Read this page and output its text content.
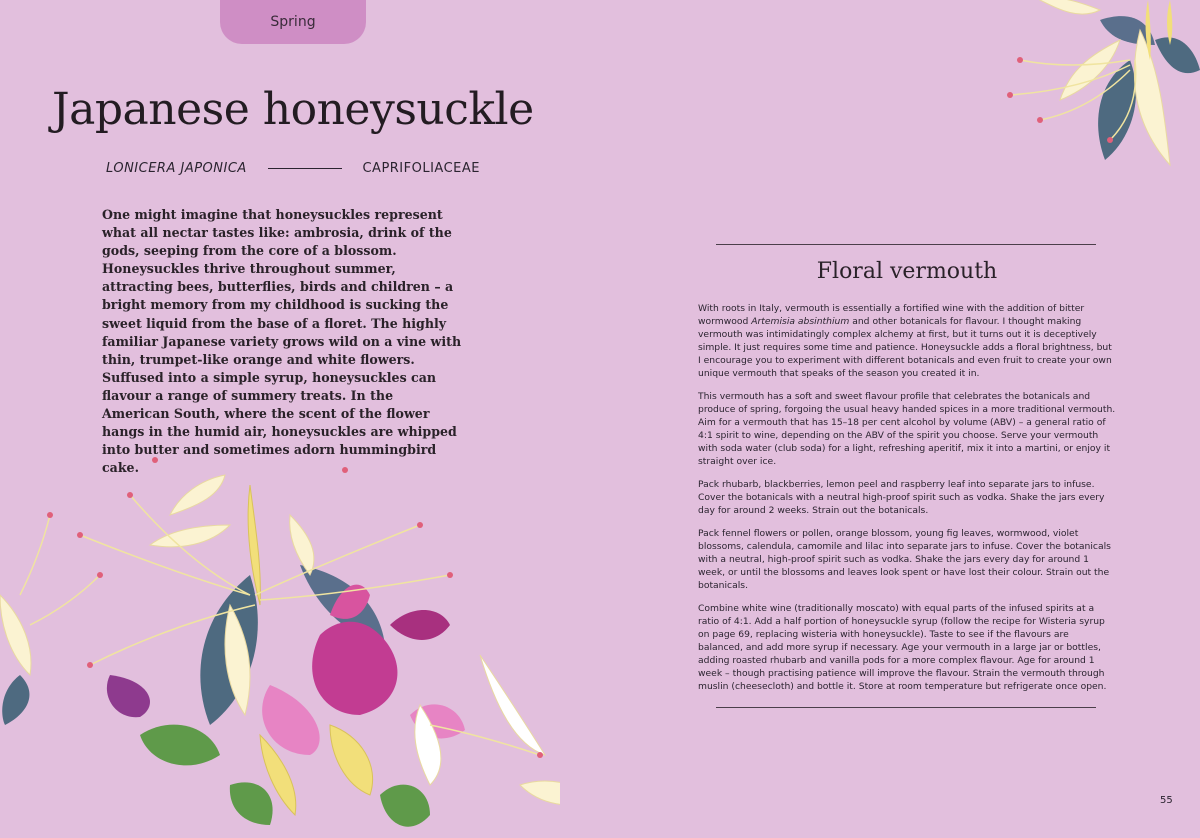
Spring
Japanese honeysuckle
LONICERA JAPONICA	CAPRIFOLIACEAE

One might imagine that honeysuckles represent what all nectar tastes like: ambrosia, drink of the gods, seeping from the core of a blossom. Honeysuckles thrive throughout summer, attracting bees, butterflies, birds and children – a bright memory from my childhood is sucking the sweet liquid from the base of a floret. The highly familiar Japanese variety grows wild on a vine with thin, trumpet-like orange and white flowers. Suffused into a simple syrup, honeysuckles can flavour a range of summery treats. In the American South, where the scent of the flower hangs in the humid air, honeysuckles are whipped into butter and sometimes adorn hummingbird cake.

Floral vermouth

With roots in Italy, vermouth is essentially a fortified wine with the addition of bitter wormwood Artemisia absinthium and other botanicals for flavour. I thought making vermouth was intimidatingly complex alchemy at first, but it turns out it is deceptively simple. It just requires some time and patience. Honeysuckle adds a floral brightness, but I encourage you to experiment with different botanicals and even fruit to create your own unique vermouth that speaks of the season you created it in.

This vermouth has a soft and sweet flavour profile that celebrates the botanicals and produce of spring, forgoing the usual heavy handed spices in a more traditional vermouth. Aim for a vermouth that has 15–18 per cent alcohol by volume (ABV) – a general ratio of 4:1 spirit to wine, depending on the ABV of the spirit you choose. Serve your vermouth with soda water (club soda) for a light, refreshing aperitif, mix it into a martini, or enjoy it straight over ice.

Pack rhubarb, blackberries, lemon peel and raspberry leaf into separate jars to infuse. Cover the botanicals with a neutral high-proof spirit such as vodka. Shake the jars every day for around 2 weeks. Strain out the botanicals.

Pack fennel flowers or pollen, orange blossom, young fig leaves, wormwood, violet blossoms, calendula, camomile and lilac into separate jars to infuse. Cover the botanicals with a neutral, high-proof spirit such as vodka. Shake the jars every day for around 1 week, or until the blossoms and leaves look spent or have lost their colour. Strain out the botanicals.

Combine white wine (traditionally moscato) with equal parts of the infused spirits at a ratio of 4:1. Add a half portion of honeysuckle syrup (follow the recipe for Wisteria syrup on page 69, replacing wisteria with honeysuckle). Taste to see if the flavours are balanced, and add more syrup if necessary. Age your vermouth in a large jar or bottles, adding roasted rhubarb and vanilla pods for a more complex flavour. Age for around 1 week – though practising patience will improve the flavour. Strain the vermouth through muslin (cheesecloth) and bottle it. Store at room temperature but refrigerate once open.

55
